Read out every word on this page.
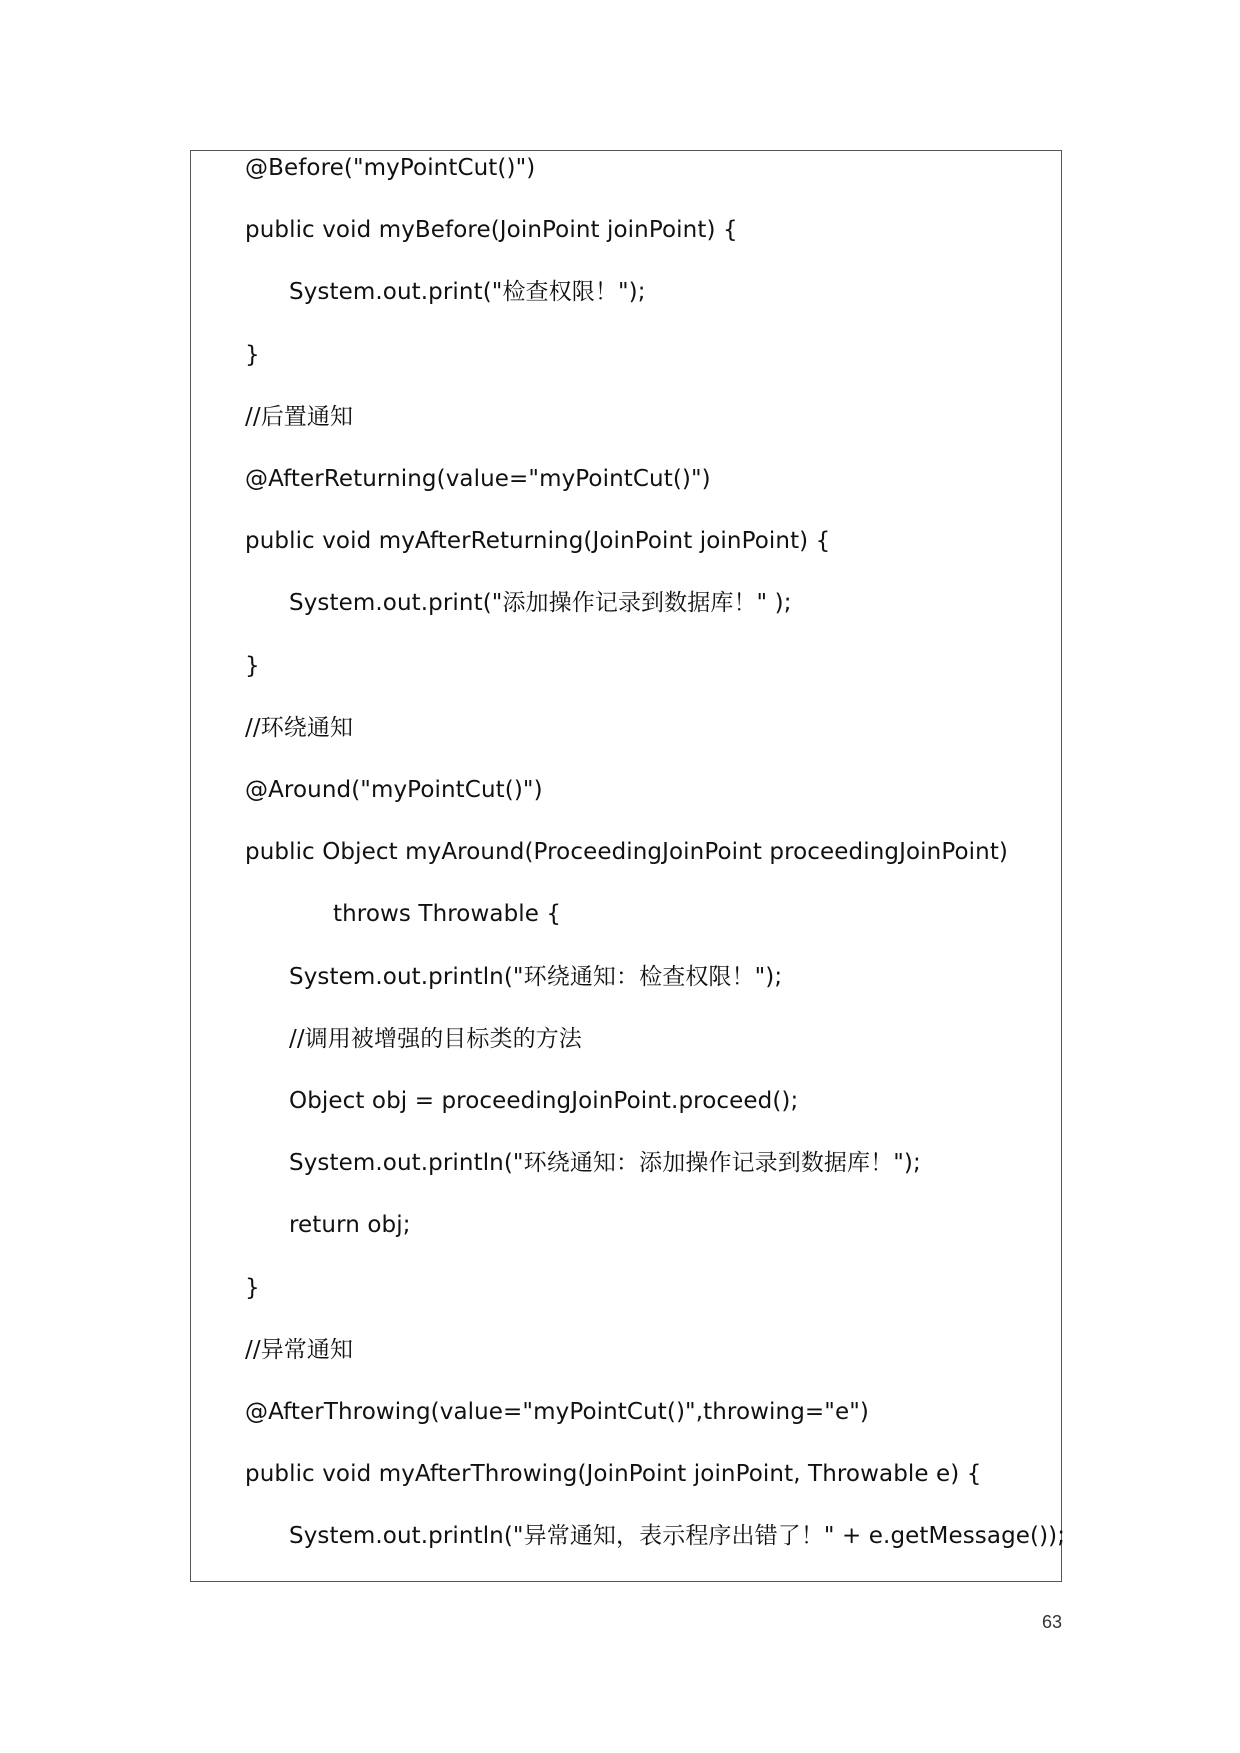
@Before("myPointCut()")
public void myBefore(JoinPoint joinPoint) {
System.out.print("检查权限！");
}
//后置通知
@AfterReturning(value="myPointCut()")
public void myAfterReturning(JoinPoint joinPoint) {
System.out.print("添加操作记录到数据库！" );
}
//环绕通知
@Around("myPointCut()")
public Object myAround(ProceedingJoinPoint proceedingJoinPoint)
throws Throwable {
System.out.println("环绕通知：检查权限！");
//调用被增强的目标类的方法
Object obj = proceedingJoinPoint.proceed();
System.out.println("环绕通知：添加操作记录到数据库！");
return obj;
}
//异常通知
@AfterThrowing(value="myPointCut()",throwing="e")
public void myAfterThrowing(JoinPoint joinPoint, Throwable e) {
System.out.println("异常通知，表示程序出错了！" + e.getMessage());
63
